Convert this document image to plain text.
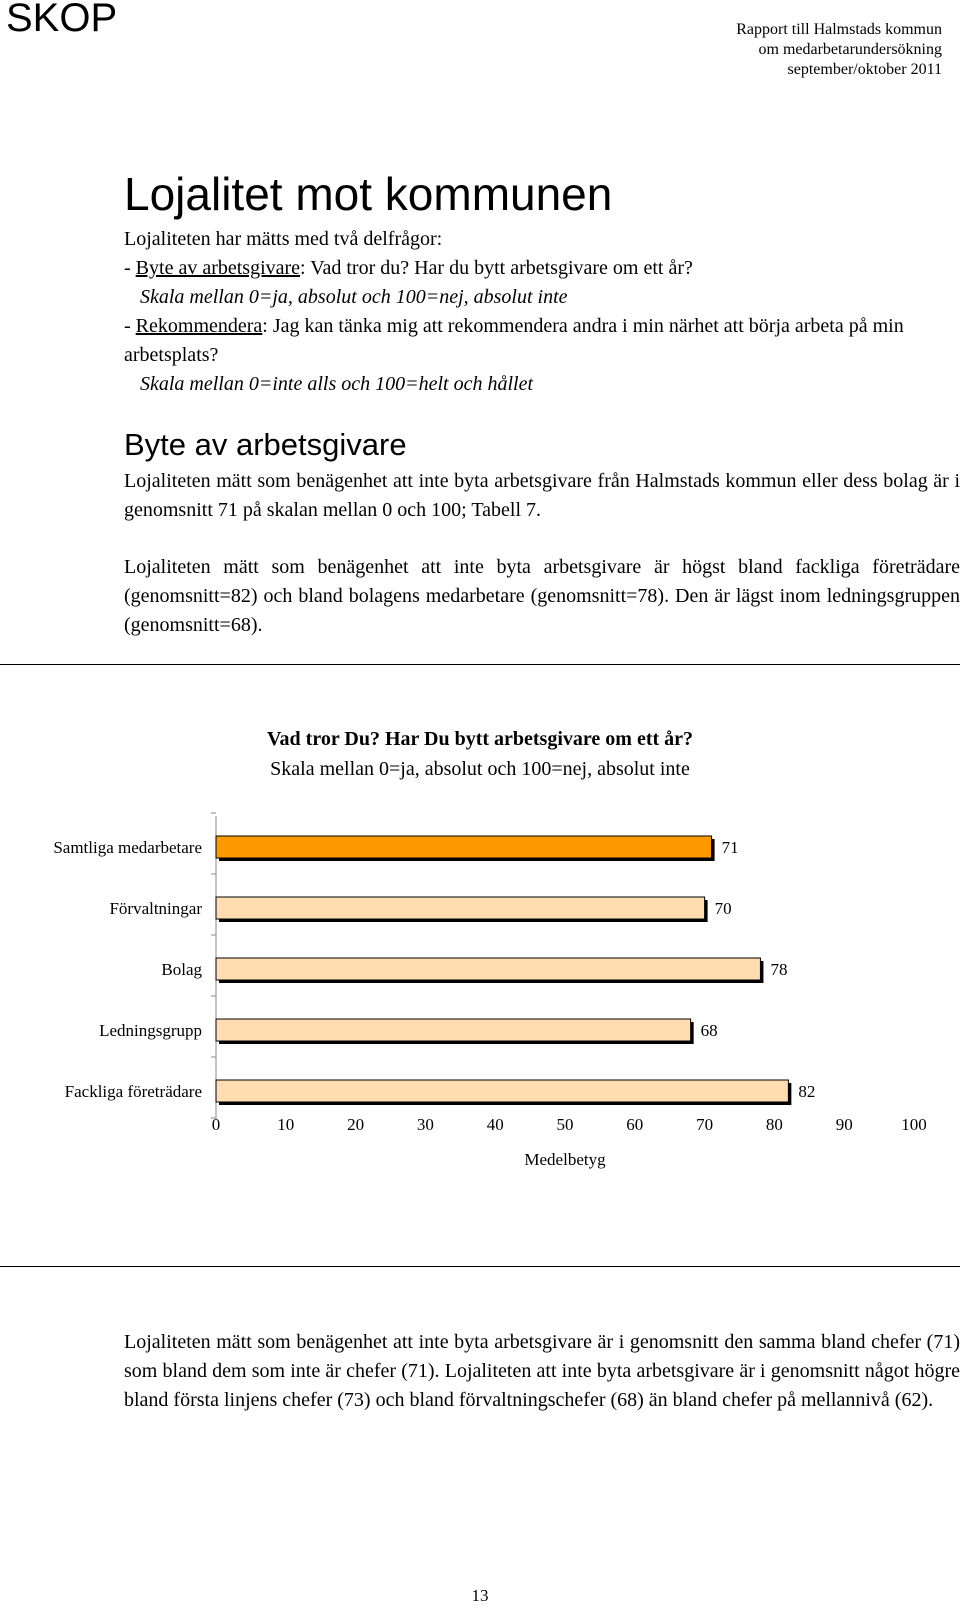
SKOP	Rapport till Halmstads kommun
om medarbetarundersökning
september/oktober 2011
Lojalitet mot kommunen

Lojaliteten har mätts med två delfrågor:

- Byte av arbetsgivare: Vad tror du? Har du bytt arbetsgivare om ett år?

Skala mellan 0=ja, absolut och 100=nej, absolut inte

- Rekommendera: Jag kan tänka mig att rekommendera andra i min närhet att börja arbeta på min arbetsplats?

Skala mellan 0=inte alls och 100=helt och hållet

Byte av arbetsgivare

Lojaliteten mätt som benägenhet att inte byta arbetsgivare från Halmstads kommun eller dess bolag är i genomsnitt 71 på skalan mellan 0 och 100; Tabell 7.

Lojaliteten mätt som benägenhet att inte byta arbetsgivare är högst bland fackliga företrädare (genomsnitt=82) och bland bolagens medarbetare (genomsnitt=78). Den är lägst inom ledningsgruppen (genomsnitt=68).

Vad tror Du? Har Du bytt arbetsgivare om ett år?
Skala mellan 0=ja, absolut och 100=nej, absolut inte
Samtliga medarbetare	71
Förvaltningar	70
Bolag	78
Ledningsgrupp	68
Fackliga företrädare	82
0	10	20	30	40	50	60	70	80	90	100
Medelbetyg

Lojaliteten mätt som benägenhet att inte byta arbetsgivare är i genomsnitt den samma bland chefer (71) som bland dem som inte är chefer (71). Lojaliteten att inte byta arbetsgivare är i genomsnitt något högre bland första linjens chefer (73) och bland förvaltningschefer (68) än bland chefer på mellannivå (62).

13
